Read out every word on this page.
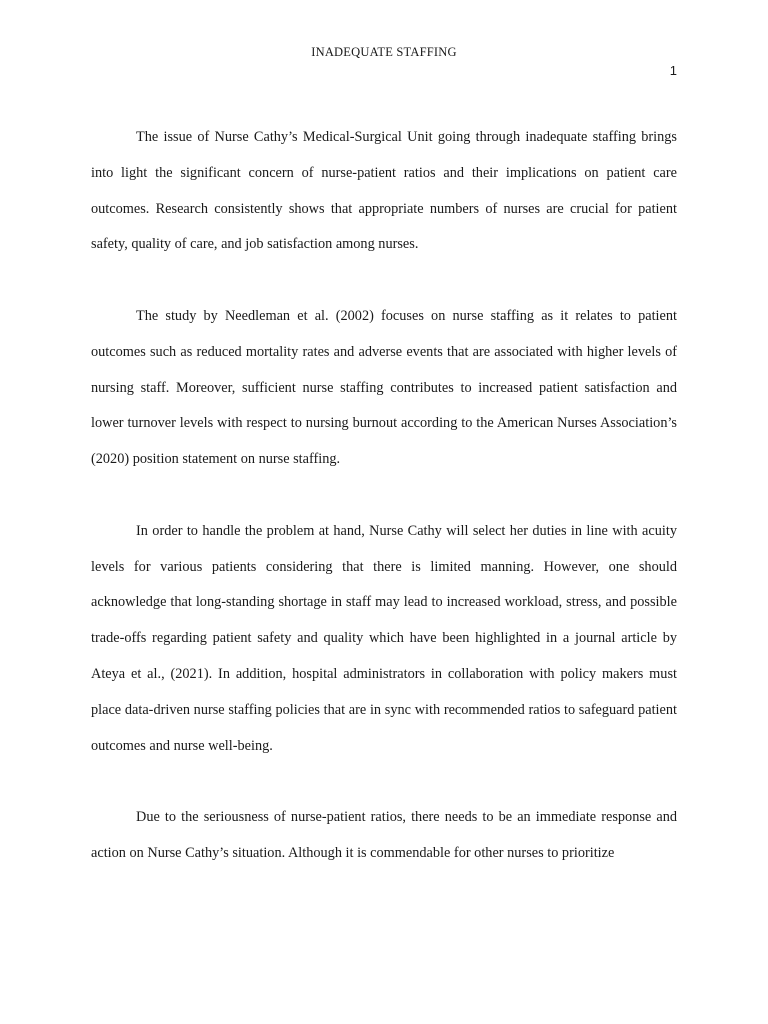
INADEQUATE STAFFING
1

The issue of Nurse Cathy’s Medical-Surgical Unit going through inadequate staffing brings into light the significant concern of nurse-patient ratios and their implications on patient care outcomes. Research consistently shows that appropriate numbers of nurses are crucial for patient safety, quality of care, and job satisfaction among nurses.

The study by Needleman et al. (2002) focuses on nurse staffing as it relates to patient outcomes such as reduced mortality rates and adverse events that are associated with higher levels of nursing staff. Moreover, sufficient nurse staffing contributes to increased patient satisfaction and lower turnover levels with respect to nursing burnout according to the American Nurses Association’s (2020) position statement on nurse staffing.

In order to handle the problem at hand, Nurse Cathy will select her duties in line with acuity levels for various patients considering that there is limited manning. However, one should acknowledge that long-standing shortage in staff may lead to increased workload, stress, and possible trade-offs regarding patient safety and quality which have been highlighted in a journal article by Ateya et al., (2021). In addition, hospital administrators in collaboration with policy makers must place data-driven nurse staffing policies that are in sync with recommended ratios to safeguard patient outcomes and nurse well-being.

Due to the seriousness of nurse-patient ratios, there needs to be an immediate response and action on Nurse Cathy’s situation. Although it is commendable for other nurses to prioritize
